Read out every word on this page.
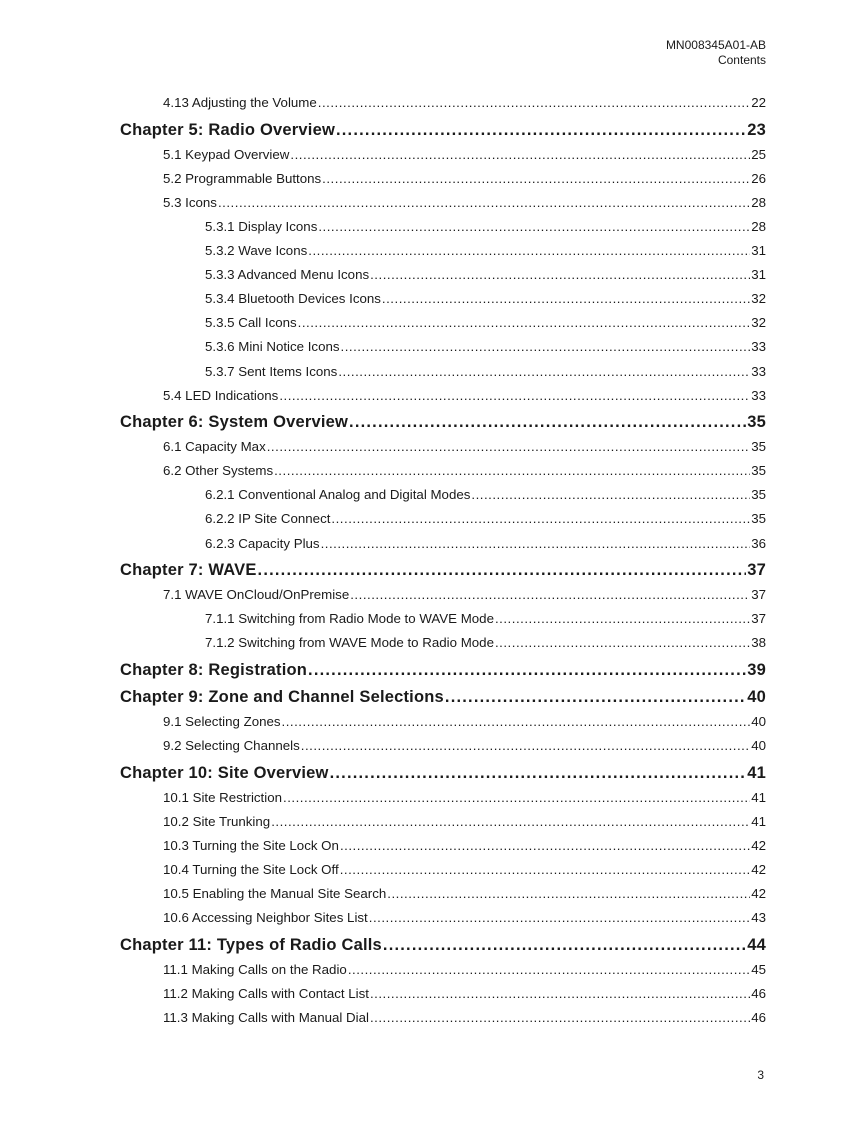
MN008345A01-AB
Contents
4.13 Adjusting the Volume .....	22
Chapter 5: Radio Overview .....	23
5.1 Keypad Overview .....	25
5.2 Programmable Buttons .....	26
5.3 Icons .....	28
5.3.1 Display Icons .....	28
5.3.2 Wave Icons .....	31
5.3.3 Advanced Menu Icons .....	31
5.3.4 Bluetooth Devices Icons .....	32
5.3.5 Call Icons .....	32
5.3.6 Mini Notice Icons .....	33
5.3.7 Sent Items Icons .....	33
5.4 LED Indications .....	33
Chapter 6: System Overview .....	35
6.1 Capacity Max .....	35
6.2 Other Systems .....	35
6.2.1 Conventional Analog and Digital Modes .....	35
6.2.2 IP Site Connect .....	35
6.2.3 Capacity Plus .....	36
Chapter 7: WAVE .....	37
7.1 WAVE OnCloud/OnPremise .....	37
7.1.1 Switching from Radio Mode to WAVE Mode .....	37
7.1.2 Switching from WAVE Mode to Radio Mode .....	38
Chapter 8: Registration .....	39
Chapter 9: Zone and Channel Selections .....	40
9.1 Selecting Zones .....	40
9.2 Selecting Channels .....	40
Chapter 10: Site Overview .....	41
10.1 Site Restriction .....	41
10.2 Site Trunking .....	41
10.3 Turning the Site Lock On .....	42
10.4 Turning the Site Lock Off .....	42
10.5 Enabling the Manual Site Search .....	42
10.6 Accessing Neighbor Sites List .....	43
Chapter 11: Types of Radio Calls .....	44
11.1 Making Calls on the Radio .....	45
11.2 Making Calls with Contact List .....	46
11.3 Making Calls with Manual Dial .....	46
3
